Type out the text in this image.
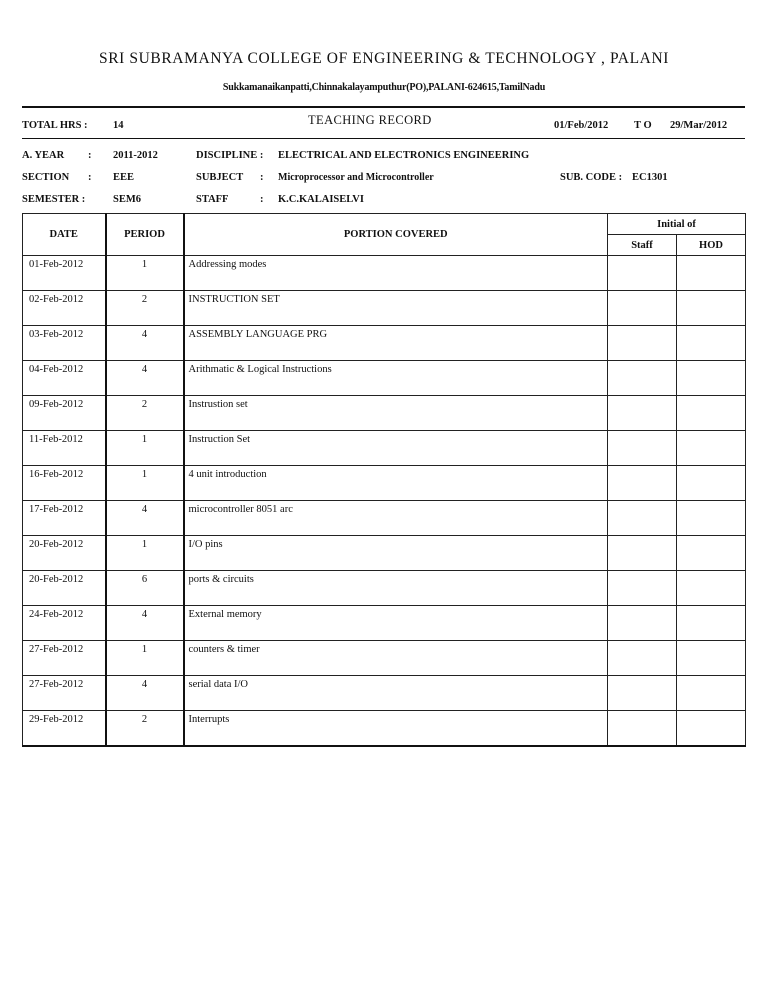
SRI SUBRAMANYA COLLEGE OF ENGINEERING & TECHNOLOGY , PALANI
Sukkamanaikanpatti,Chinnakalayamputhur(PO),PALANI-624615,TamilNadu
TOTAL HRS : 14	TEACHING RECORD	01/Feb/2012 T O 29/Mar/2012
A. YEAR : 2011-2012	DISCIPLINE : ELECTRICAL AND ELECTRONICS ENGINEERING
SECTION : EEE	SUBJECT : Microprocessor and Microcontroller	SUB. CODE : EC1301
SEMESTER :	SEM6	STAFF	: K.C.KALAISELVI
DATE	PERIOD	PORTION COVERED	Initial of	
			Staff	HOD
01-Feb-2012	1	Addressing modes		
02-Feb-2012	2	INSTRUCTION SET		
03-Feb-2012	4	ASSEMBLY LANGUAGE PRG		
04-Feb-2012	4	Arithmatic & Logical Instructions		
09-Feb-2012	2	Instrustion set		
11-Feb-2012	1	Instruction Set		
16-Feb-2012	1	4 unit introduction		
17-Feb-2012	4	microcontroller 8051 arc		
20-Feb-2012	1	I/O pins		
20-Feb-2012	6	ports & circuits		
24-Feb-2012	4	External memory		
27-Feb-2012	1	counters & timer		
27-Feb-2012	4	serial data I/O		
29-Feb-2012	2	Interrupts		
